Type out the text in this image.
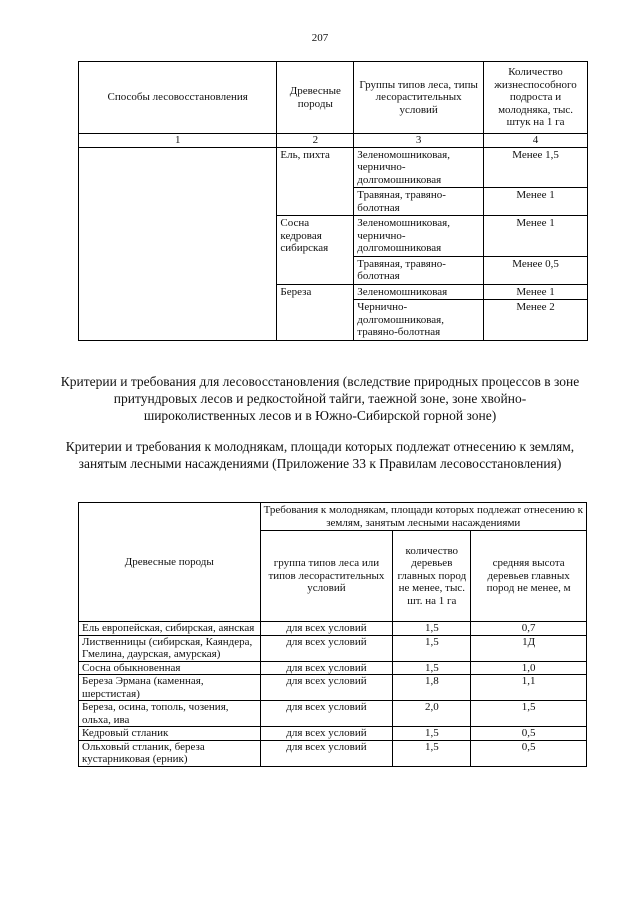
207
Способы лесовосстановления	Древесные породы	Группы типов леса, типы лесорастительных условий	Количество жизнеспособного подроста и молодняка, тыс. штук на 1 га
1	2	3	4
	Ель, пихта	Зеленомошниковая, чернично-долгомошниковая	Менее 1,5
		Травяная, травяно-болотная	Менее 1
	Сосна кедровая сибирская	Зеленомошниковая, чернично-долгомошниковая	Менее 1
		Травяная, травяно-болотная	Менее 0,5
	Береза	Зеленомошниковая	Менее 1
		Чернично-долгомошниковая, травяно-болотная	Менее 2
Критерии и требования для лесовосстановления (вследствие природных процессов в зоне притундровых лесов и редкостойной тайги, таежной зоне, зоне хвойно-широколиственных лесов и в Южно-Сибирской горной зоне)
Критерии и требования к молоднякам, площади которых подлежат отнесению к землям, занятым лесными насаждениями (Приложение 33 к Правилам лесовосстановления)
Древесные породы	Требования к молоднякам, площади которых подлежат отнесению к землям, занятым лесными насаждениями		
	группа типов леса или типов лесорастительных условий	количество деревьев главных пород не менее, тыс. шт. на 1 га	средняя высота деревьев главных пород не менее, м
Ель европейская, сибирская, аянская	для всех условий	1,5	0,7
Лиственницы (сибирская, Каяндера, Гмелина, даурская, амурская)	для всех условий	1,5	1Д
Сосна обыкновенная	для всех условий	1,5	1,0
Береза Эрмана (каменная, шерстистая)	для всех условий	1,8	1,1
Береза, осина, тополь, чозения, ольха, ива	для всех условий	2,0	1,5
Кедровый стланик	для всех условий	1,5	0,5
Ольховый стланик, береза кустарниковая (ерник)	для всех условий	1,5	0,5
